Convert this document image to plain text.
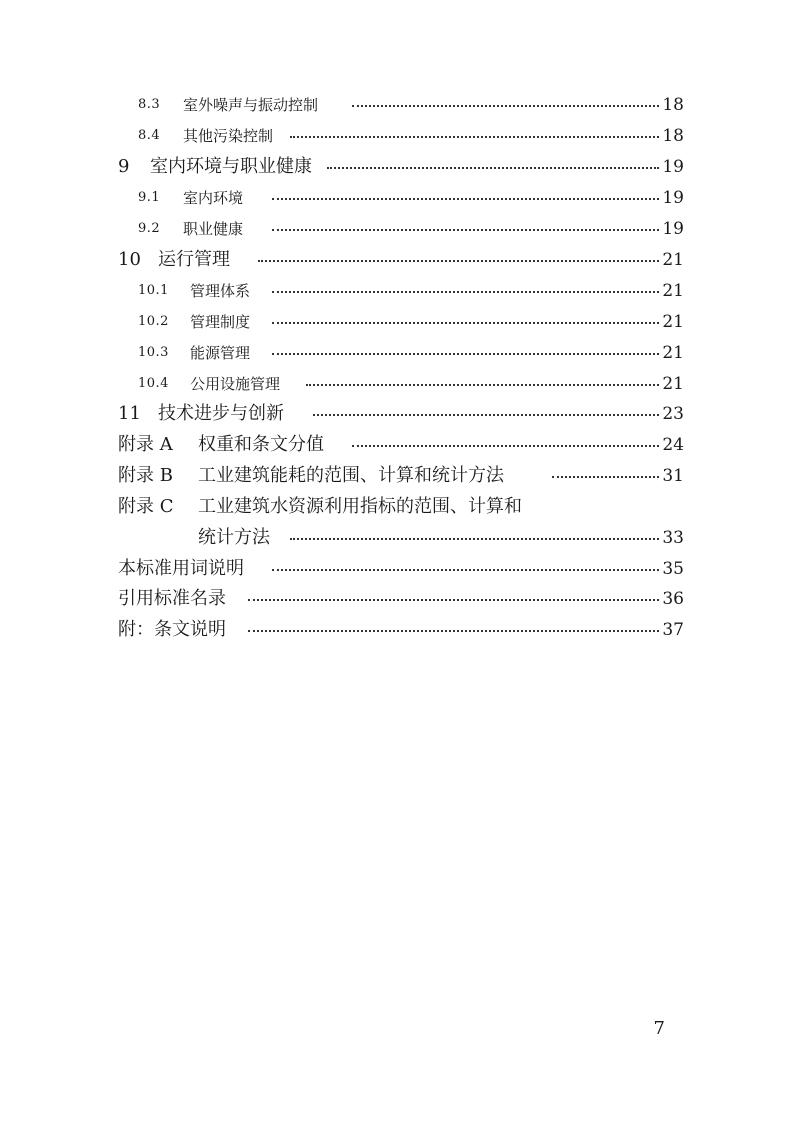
8.3 室外噪声与振动控制	18
8.4 其他污染控制	18
9 室内环境与职业健康	19
9.1 室内环境	19
9.2 职业健康	19
10 运行管理	21
10.1 管理体系	21
10.2 管理制度	21
10.3 能源管理	21
10.4 公用设施管理	21
11 技术进步与创新	23
附录 A 权重和条文分值	24
附录 B 工业建筑能耗的范围、计算和统计方法	31
附录 C 工业建筑水资源利用指标的范围、计算和
统计方法	33
本标准用词说明	35
引用标准名录	36
附：条文说明	37
7
